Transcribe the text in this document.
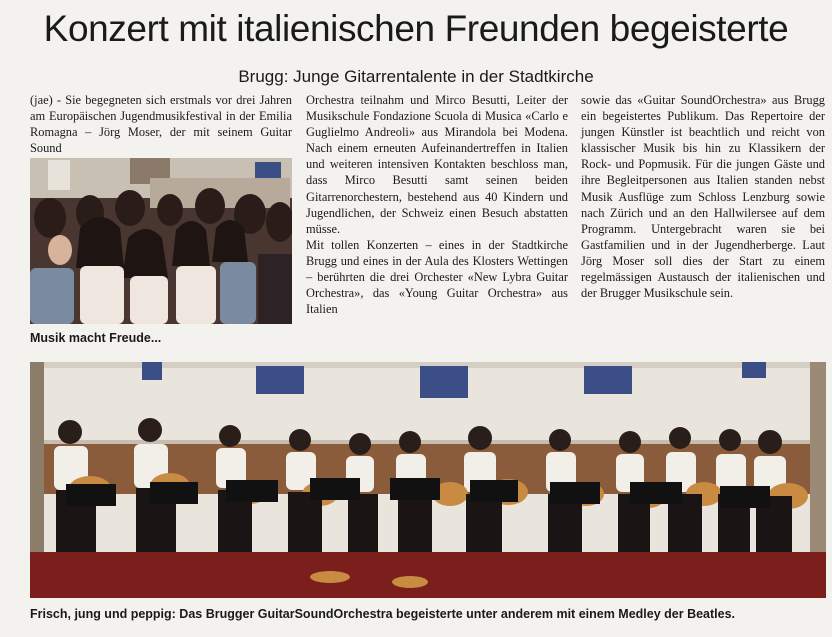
Konzert mit italienischen Freunden begeisterte
Brugg: Junge Gitarrentalente in der Stadtkirche

(jae) - Sie begegneten sich erstmals vor drei Jahren am Europäischen Jugendmusikfestival in der Emilia Romagna – Jörg Moser, der mit seinem Guitar Sound

Musik macht Freude...

Orchestra teilnahm und Mirco Besutti, Leiter der Musikschule Fondazione Scuola di Musica «Carlo e Guglielmo Andreoli» aus Mirandola bei Modena. Nach einem erneuten Aufeinandertreffen in Italien und weiteren intensiven Kontakten beschloss man, dass Mirco Besutti samt seinen beiden Gitarrenorchestern, bestehend aus 40 Kindern und Jugendlichen, der Schweiz einen Besuch abstatten müsse.

Mit tollen Konzerten – eines in der Stadtkirche Brugg und eines in der Aula des Klosters Wettingen – berührten die drei Orchester «New Lybra Guitar Orchestra», das «Young Guitar Orchestra» aus Italien

sowie das «Guitar SoundOrchestra» aus Brugg ein begeistertes Publikum. Das Repertoire der jungen Künstler ist beachtlich und reicht von klassischer Musik bis hin zu Klassikern der Rock- und Popmusik. Für die jungen Gäste und ihre Begleitpersonen aus Italien standen nebst Musik Ausflüge zum Schloss Lenzburg sowie nach Zürich und an den Hallwilersee auf dem Programm. Untergebracht waren sie bei Gastfamilien und in der Jugendherberge. Laut Jörg Moser soll dies der Start zu einem regelmässigen Austausch der italienischen und der Brugger Musikschule sein.

Frisch, jung und peppig: Das Brugger GuitarSoundOrchestra begeisterte unter anderem mit einem Medley der Beatles.
